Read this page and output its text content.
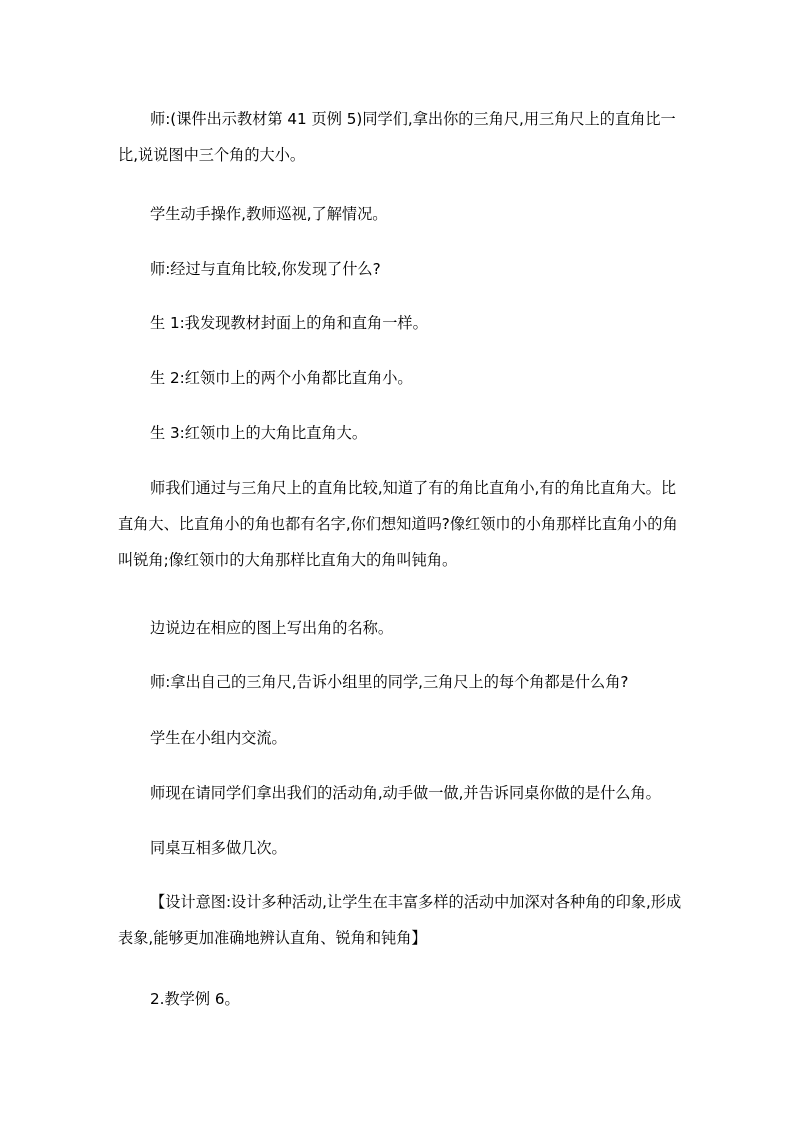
师:(课件出示教材第 41 页例 5)同学们,拿出你的三角尺,用三角尺上的直角比一比,说说图中三个角的大小。

学生动手操作,教师巡视,了解情况。

师:经过与直角比较,你发现了什么?

生 1:我发现教材封面上的角和直角一样。

生 2:红领巾上的两个小角都比直角小。

生 3:红领巾上的大角比直角大。

师我们通过与三角尺上的直角比较,知道了有的角比直角小,有的角比直角大。比直角大、比直角小的角也都有名字,你们想知道吗?像红领巾的小角那样比直角小的角叫锐角;像红领巾的大角那样比直角大的角叫钝角。

边说边在相应的图上写出角的名称。

师:拿出自己的三角尺,告诉小组里的同学,三角尺上的每个角都是什么角?

学生在小组内交流。

师现在请同学们拿出我们的活动角,动手做一做,并告诉同桌你做的是什么角。

同桌互相多做几次。

【设计意图:设计多种活动,让学生在丰富多样的活动中加深对各种角的印象,形成表象,能够更加准确地辨认直角、锐角和钝角】

2.教学例 6。
